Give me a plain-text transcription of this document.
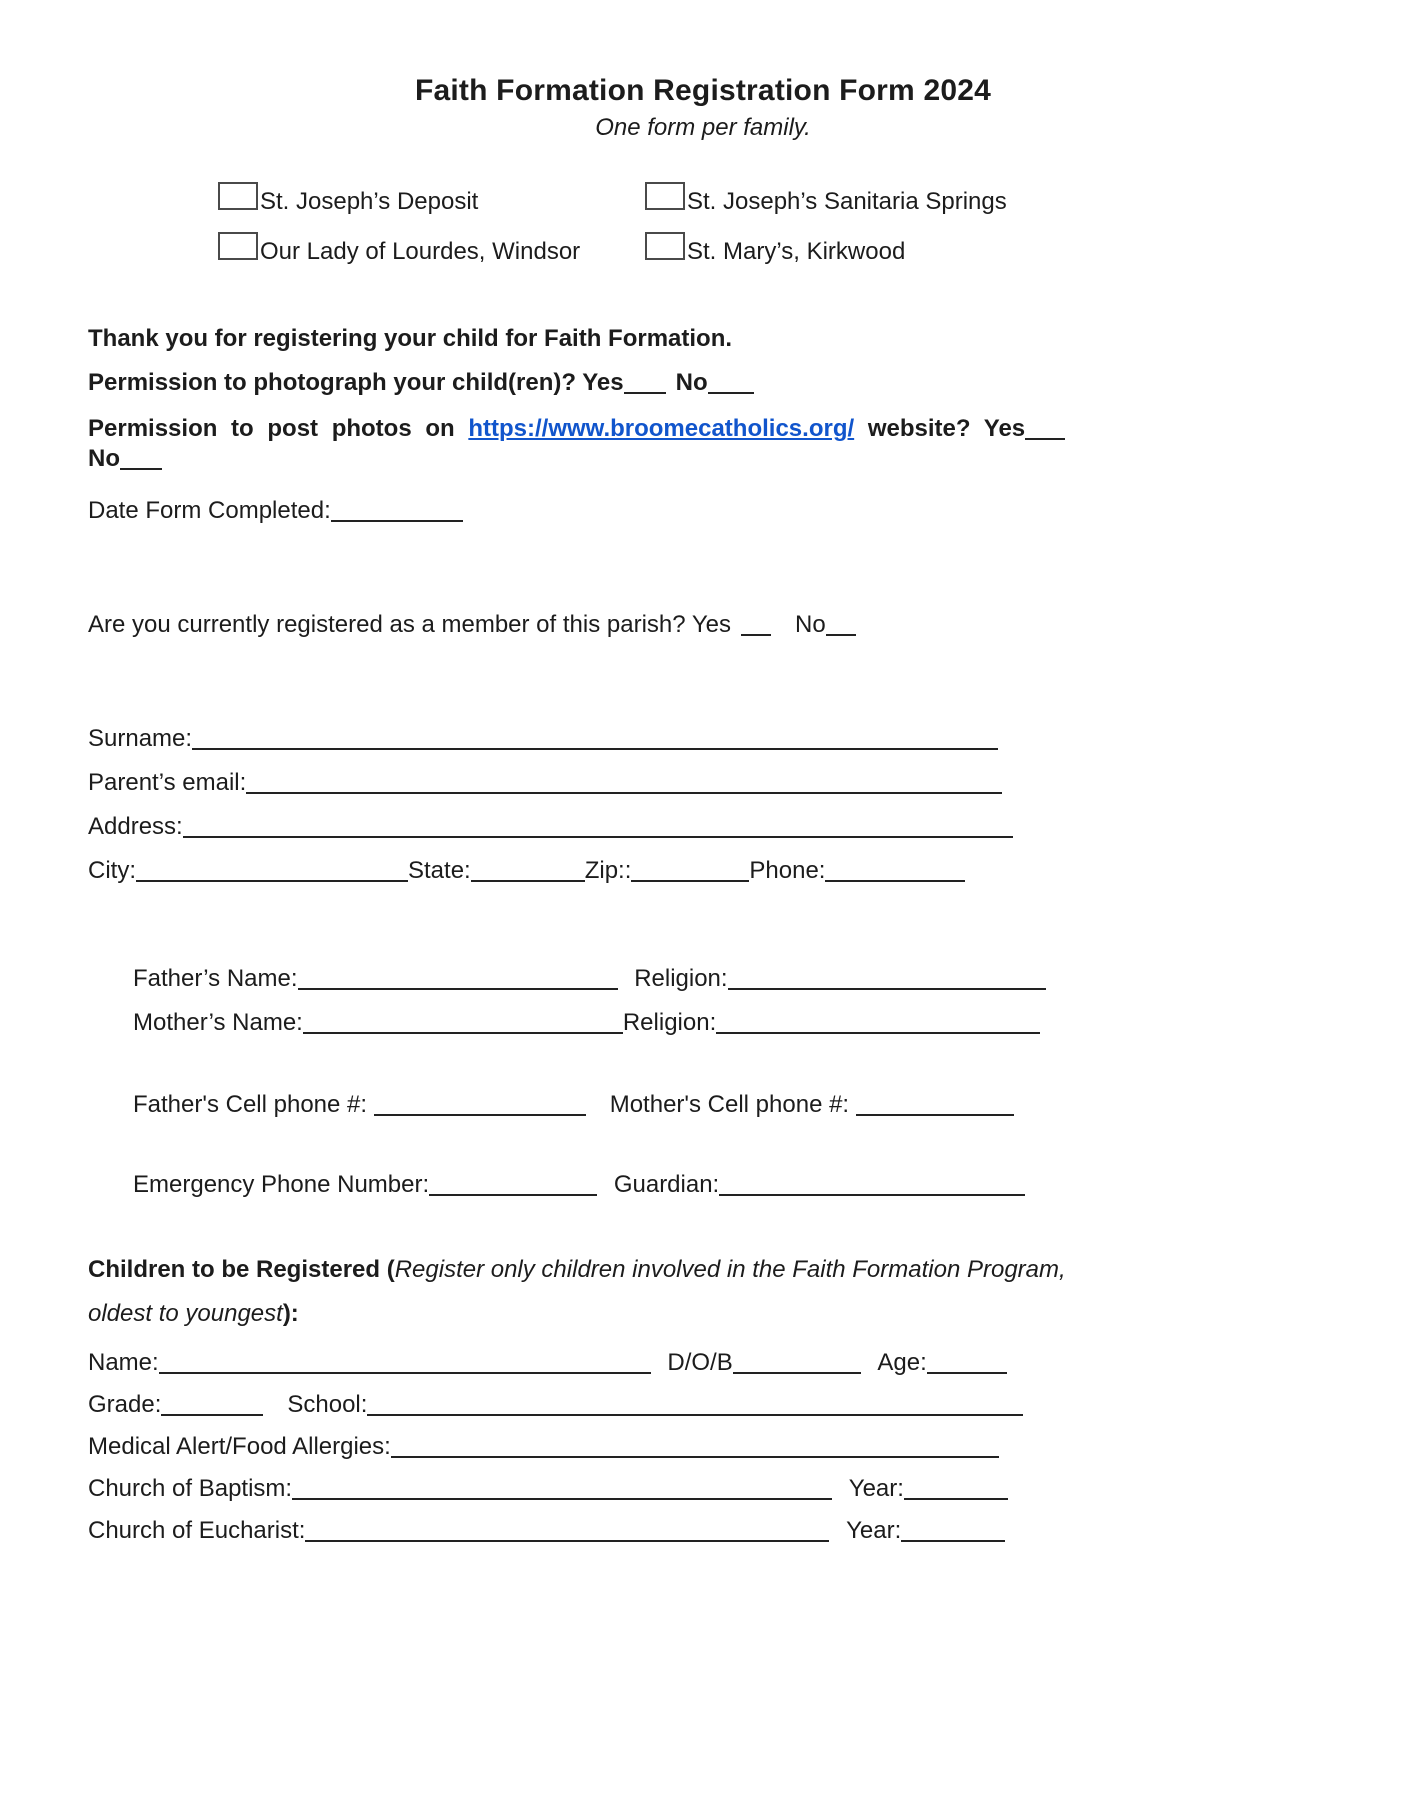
Faith Formation Registration Form 2024
One form per family.
St. Joseph’s Deposit	St. Joseph’s Sanitaria Springs
Our Lady of Lourdes, Windsor	St. Mary’s, Kirkwood

Thank you for registering your child for Faith Formation.

Permission to photograph your child(ren)? Yes No

Permission to post photos on https://www.broomecatholics.org/ website? Yes No

Date Form Completed:

Are you currently registered as a member of this parish? Yes	No

Surname:

Parent’s email:

Address:

City:	State:	Zip::	Phone:

Father’s Name:	Religion:

Mother’s Name:	Religion:

Father's Cell phone #:	Mother's Cell phone #:

Emergency Phone Number:	Guardian:

Children to be Registered (Register only children involved in the Faith Formation Program, oldest to youngest):

Name:	D/O/B	Age:

Grade:	School:

Medical Alert/Food Allergies:

Church of Baptism:	Year:

Church of Eucharist:	Year:
